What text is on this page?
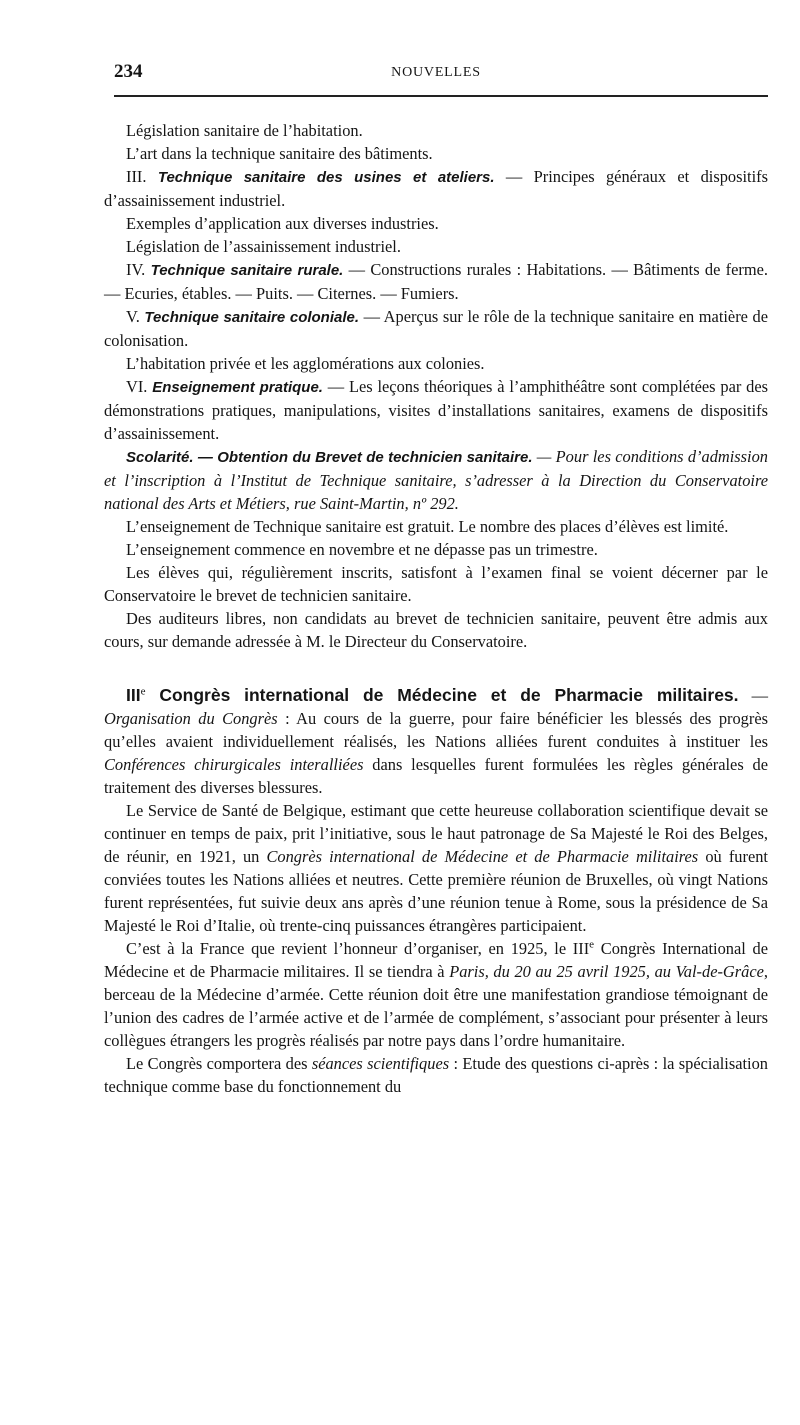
234	NOUVELLES

Législation sanitaire de l’habitation.

L’art dans la technique sanitaire des bâtiments.

III. Technique sanitaire des usines et ateliers. — Principes généraux et dispositifs d’assainissement industriel.

Exemples d’application aux diverses industries.

Législation de l’assainissement industriel.

IV. Technique sanitaire rurale. — Constructions rurales : Habitations. — Bâtiments de ferme. — Ecuries, étables. — Puits. — Citernes. — Fumiers.

V. Technique sanitaire coloniale. — Aperçus sur le rôle de la technique sanitaire en matière de colonisation.

L’habitation privée et les agglomérations aux colonies.

VI. Enseignement pratique. — Les leçons théoriques à l’amphithéâtre sont complétées par des démonstrations pratiques, manipulations, visites d’installations sanitaires, examens de dispositifs d’assainissement.

Scolarité. — Obtention du Brevet de technicien sanitaire. — Pour les conditions d’admission et l’inscription à l’Institut de Technique sanitaire, s’adresser à la Direction du Conservatoire national des Arts et Métiers, rue Saint-Martin, nº 292.

L’enseignement de Technique sanitaire est gratuit. Le nombre des places d’élèves est limité.

L’enseignement commence en novembre et ne dépasse pas un trimestre.

Les élèves qui, régulièrement inscrits, satisfont à l’examen final se voient décerner par le Conservatoire le brevet de technicien sanitaire.

Des auditeurs libres, non candidats au brevet de technicien sanitaire, peuvent être admis aux cours, sur demande adressée à M. le Directeur du Conservatoire.

IIIe Congrès international de Médecine et de Pharmacie militaires. — Organisation du Congrès : Au cours de la guerre, pour faire bénéficier les blessés des progrès qu’elles avaient individuellement réalisés, les Nations alliées furent conduites à instituer les Conférences chirurgicales interalliées dans lesquelles furent formulées les règles générales de traitement des diverses blessures.

Le Service de Santé de Belgique, estimant que cette heureuse collaboration scientifique devait se continuer en temps de paix, prit l’initiative, sous le haut patronage de Sa Majesté le Roi des Belges, de réunir, en 1921, un Congrès international de Médecine et de Pharmacie militaires où furent conviées toutes les Nations alliées et neutres. Cette première réunion de Bruxelles, où vingt Nations furent représentées, fut suivie deux ans après d’une réunion tenue à Rome, sous la présidence de Sa Majesté le Roi d’Italie, où trente-cinq puissances étrangères participaient.

C’est à la France que revient l’honneur d’organiser, en 1925, le IIIe Congrès International de Médecine et de Pharmacie militaires. Il se tiendra à Paris, du 20 au 25 avril 1925, au Val-de-Grâce, berceau de la Médecine d’armée. Cette réunion doit être une manifestation grandiose témoignant de l’union des cadres de l’armée active et de l’armée de complément, s’associant pour présenter à leurs collègues étrangers les progrès réalisés par notre pays dans l’ordre humanitaire.

Le Congrès comportera des séances scientifiques : Etude des questions ci-après : la spécialisation technique comme base du fonctionnement du
